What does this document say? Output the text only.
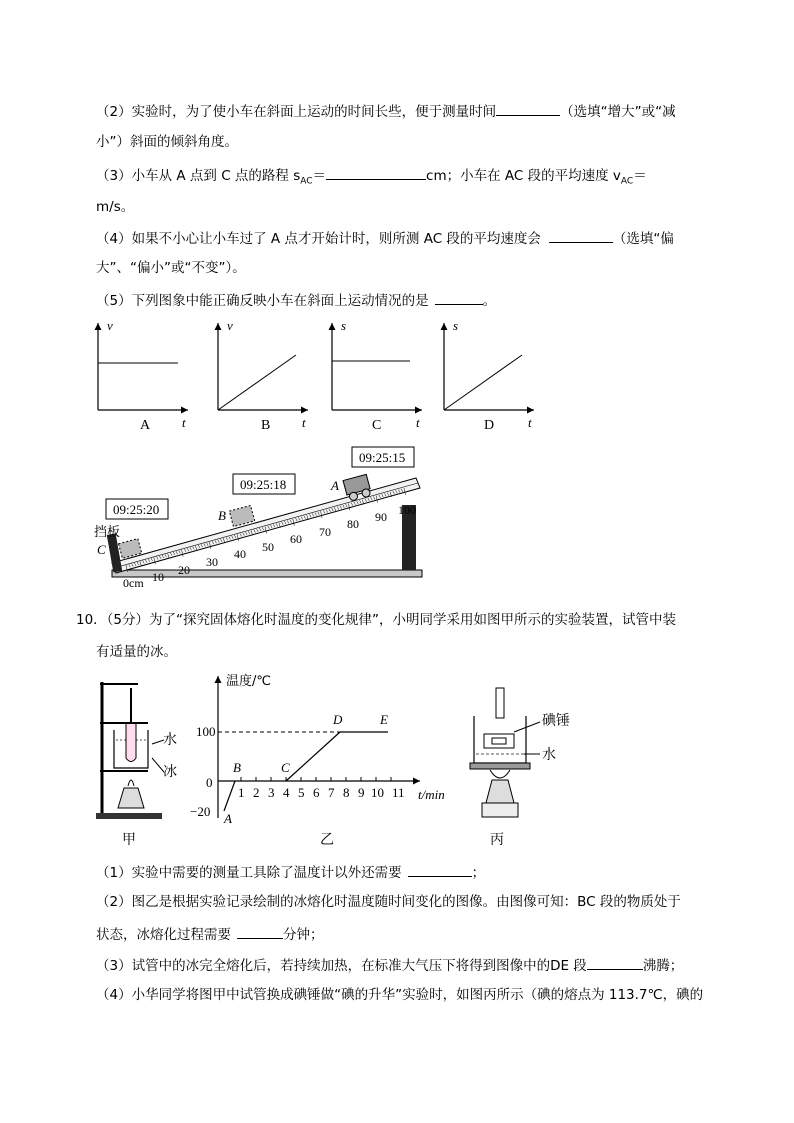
（2）实验时，为了使小车在斜面上运动的时间长些，便于测量时间	（选填“增大”或“减
小”）斜面的倾斜角度。
（3）小车从 A 点到 C 点的路程 $s_{AC}=$	cm；小车在 AC 段的平均速度 $v_{AC}=$
m/s。
（4）如果不小心让小车过了 A 点才开始计时，则所测 AC 段的平均速度会	（选填“偏
大”、“偏小”或“不变”）。
（5）下列图象中能正确反映小车在斜面上运动情况的是	。
v
t
A
v
t
B
s
t
C
s
t
D
0cm 10 20
30
40 50
60 70
80 90 100
挡板
C
B
A
09:25:15
09:25:18
09:25:20
10．（5分）为了“探究固体熔化时温度的变化规律”，小明同学采用如图甲所示的实验装置，试管中装
有适量的冰。
水
冰
甲
温度/℃
t/min
100
0
−20
1 2 3 4 5 6 7 8 9 10 11
A
B	C
D	E
乙
碘锤
水
丙
（1）实验中需要的测量工具除了温度计以外还需要	；
（2）图乙是根据实验记录绘制的冰熔化时温度随时间变化的图像。由图像可知：BC 段的物质处于
状态，冰熔化过程需要	分钟；
（3）试管中的冰完全熔化后，若持续加热，在标准大气压下将得到图像中的DE 段	沸腾；
（4）小华同学将图甲中试管换成碘锤做“碘的升华”实验时，如图丙所示（碘的熔点为 113.7℃，碘的
